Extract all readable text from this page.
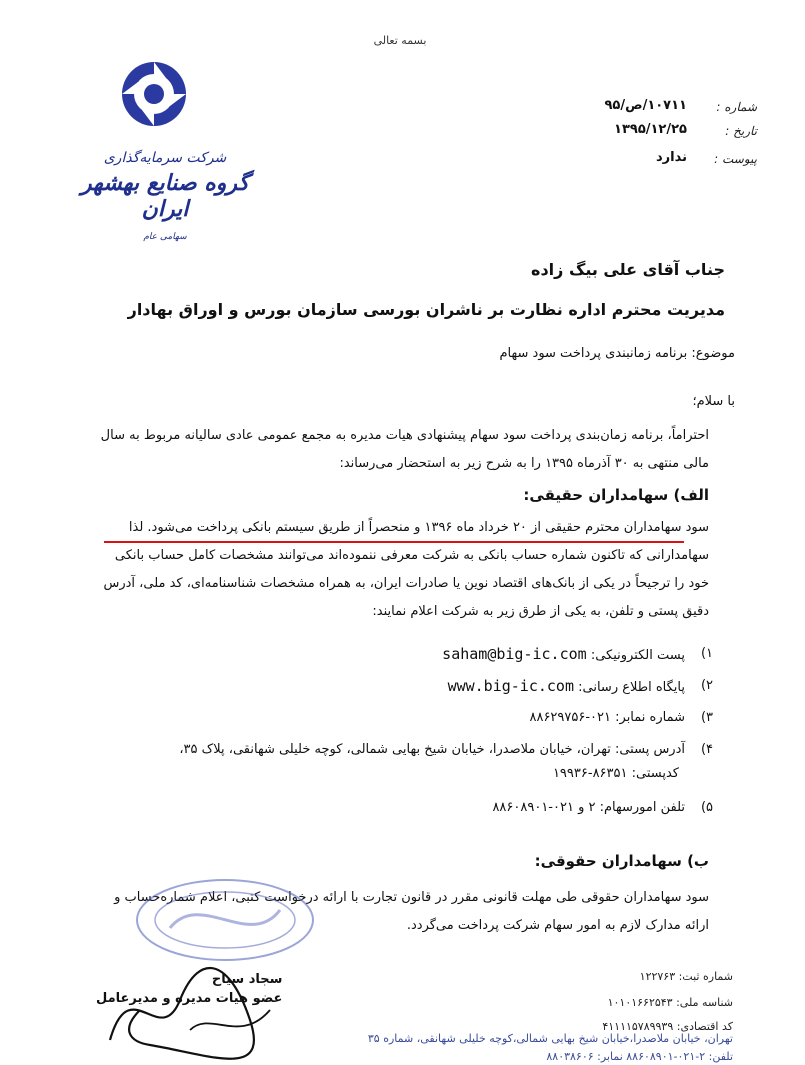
بسمه تعالی
شرکت سرمایه‌گذاری
گروه صنایع بهشهر ایران
سهامی عام
شماره :
۱۰۷۱۱/ص/۹۵
تاریخ :
۱۳۹۵/۱۲/۲۵
پیوست :
ندارد
جناب آقای علی بیگ زاده
مدیریت محترم اداره نظارت بر ناشران بورسی سازمان بورس و اوراق بهادار
موضوع: برنامه زمانبندی پرداخت سود سهام
با سلام؛
احتراماً، برنامه زمان‌بندی پرداخت سود سهام پیشنهادی هیات مدیره به مجمع عمومی عادی سالیانه مربوط به سال مالی منتهی به ۳۰ آذرماه ۱۳۹۵ را به شرح زیر به استحضار می‌رساند:
الف) سهامداران حقیقی:
سود سهامداران محترم حقیقی از ۲۰ خرداد ماه ۱۳۹۶ و منحصراً از طریق سیستم بانکی پرداخت می‌شود. لذا سهامدارانی که تاکنون شماره حساب بانکی به شرکت معرفی ننموده‌اند می‌توانند مشخصات کامل حساب بانکی خود را ترجیحاً در یکی از بانک‌های اقتصاد نوین یا صادرات ایران، به همراه مشخصات شناسنامه‌ای، کد ملی، آدرس دقیق پستی و تلفن، به یکی از طرق زیر به شرکت اعلام نمایند:
۱)
پست الکترونیکی: saham@big-ic.com
۲)
پایگاه اطلاع رسانی: www.big-ic.com
۳)
شماره نمابر: ۰۲۱-۸۸۶۲۹۷۵۶
۴)
آدرس پستی: تهران، خیابان ملاصدرا، خیابان شیخ بهایی شمالی، کوچه خلیلی شهانقی، پلاک ۳۵،
کدپستی: ۸۶۳۵۱-۱۹۹۳۶
۵)
تلفن امورسهام: ۲ و ۰۲۱-۸۸۶۰۸۹۰۱
ب) سهامداران حقوقی:
سود سهامداران حقوقی طی مهلت قانونی مقرر در قانون تجارت با ارائه درخواست کتبی، اعلام شماره‌حساب و ارائه مدارک لازم به امور سهام شرکت پرداخت می‌گردد.
سجاد سیاح
عضو هیات مدیره و مدیرعامل
شماره ثبت: ۱۲۲۷۶۳
شناسه ملی: ۱۰۱۰۱۶۶۲۵۴۳
کد اقتصادی: ۴۱۱۱۱۵۷۸۹۹۳۹
تهران، خیابان ملاصدرا،خیابان شیخ بهایی شمالی،کوچه خلیلی شهانقی، شماره ۳۵
تلفن: ۲-۰۲۱-۸۸۶۰۸۹۰۱ نمابر: ۸۸۰۳۸۶۰۶
